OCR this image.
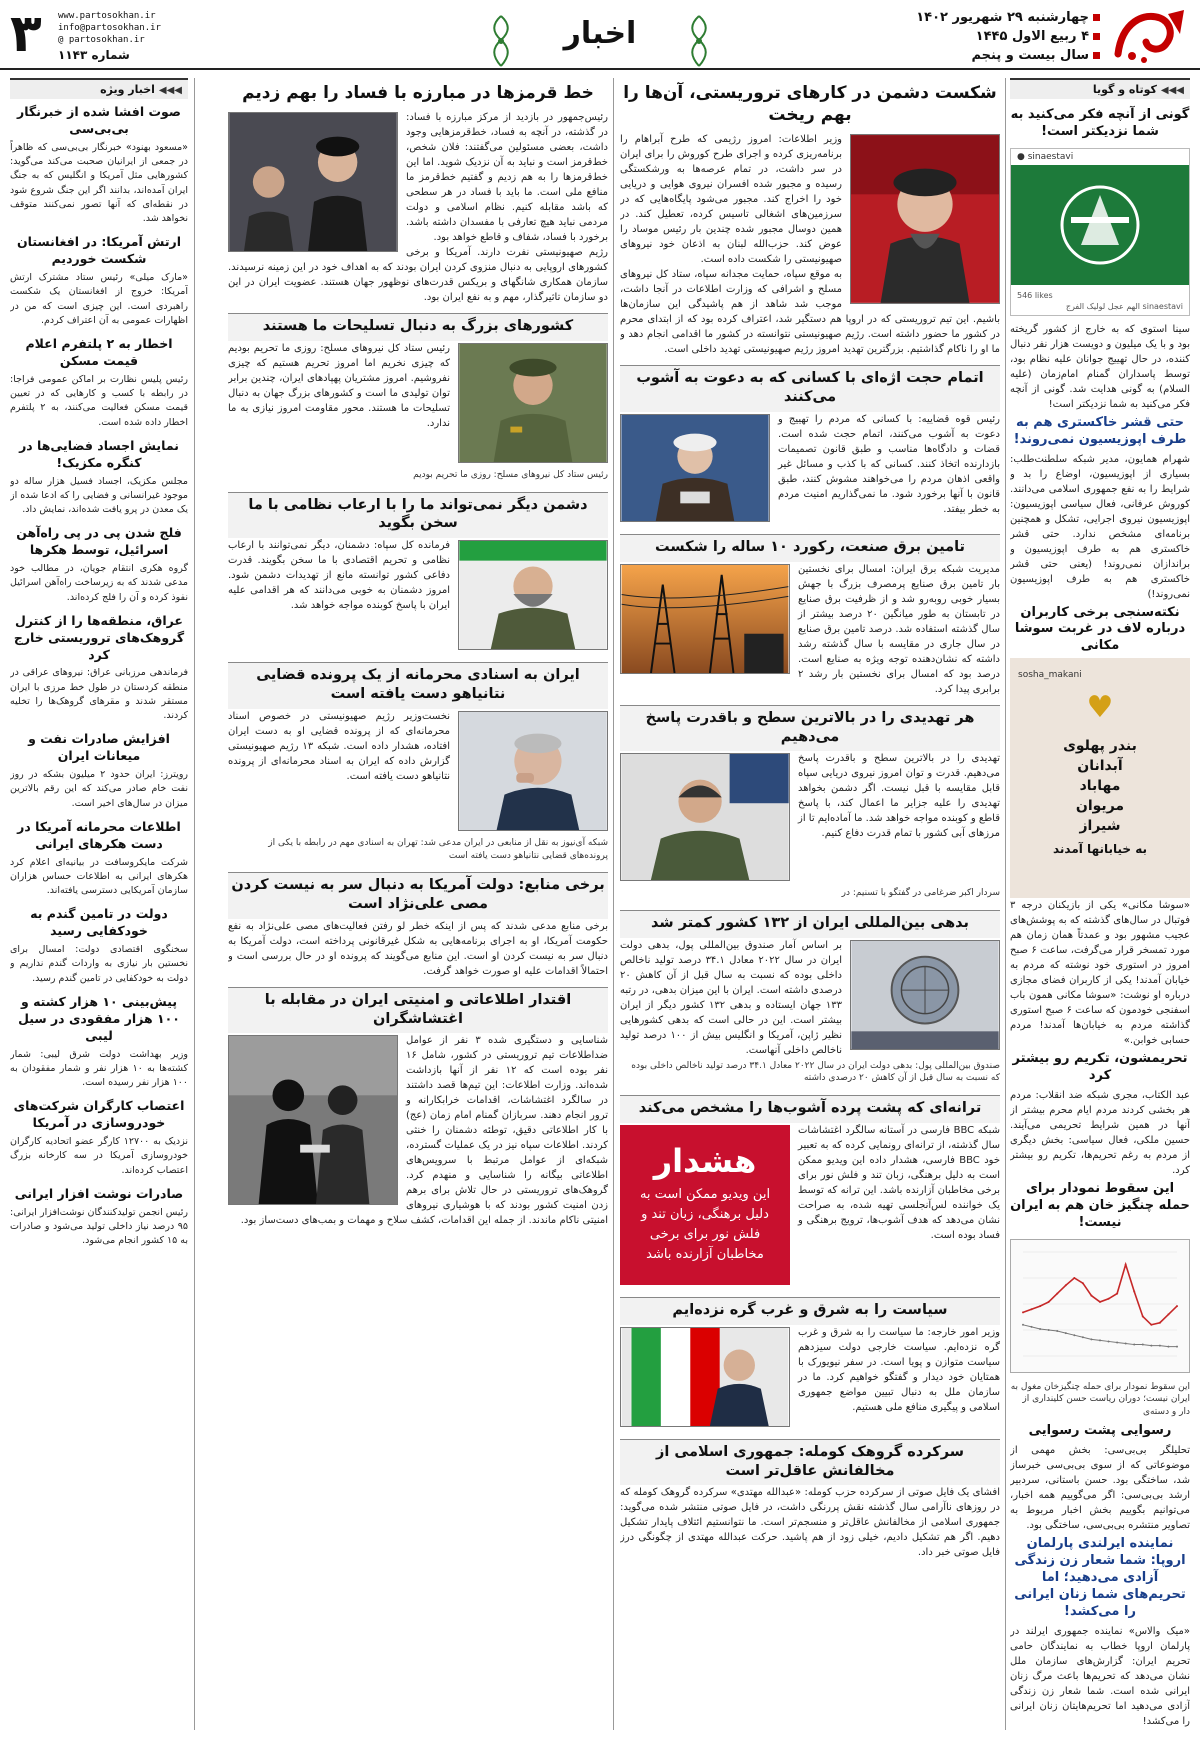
چهارشنبه ۲۹ شهریور ۱۴۰۲
۴ ربیع الاول ۱۴۴۵
سال بیست و پنجم
اخبار
۳ www.partosokhan.ir
info@partosokhan.ir
@ partosokhan.ir
شماره ۱۱۴۳
◀◀◀کوتاه و گویا
گونی از آنچه فکر می‌کنید به شما نزدیکتر است!
● sinaestavi
546 likes
sinaestavi الهم عجل لولیک الفرج
سینا استوی که به خارج از کشور گریخته بود و با یک میلیون و دویست هزار نفر دنبال کننده، در حال تهییج جوانان علیه نظام بود، توسط پاسداران گمنام امام‌زمان (علیه السلام) به گونی هدایت شد. گونی از آنچه فکر می‌کنید به شما نزدیکتر است!
حتی قشر خاکستری هم به طرف اپوزیسیون نمی‌روند!
شهرام همایون، مدیر شبکه سلطنت‌طلب: بسیاری از اپوزیسیون، اوضاع را بد و شرایط را به نفع جمهوری اسلامی می‌دانند. کوروش عرفانی، فعال سیاسی اپوزیسیون: اپوزیسیون نیروی اجرایی، تشکل و همچنین برنامه‌ای مشخص ندارد. حتی قشر خاکستری هم به طرف اپوزیسیون و براندازان نمی‌روند! (یعنی حتی قشر خاکستری هم به طرف اپوزیسیون نمی‌روند!)
نکته‌سنجی برخی کاربران درباره لاف در غربت سوشا مکانی
sosha_makani
♥
بندر پهلوی
آبدانان
مهاباد
مریوان
شیراز
به خیابانها آمدند
«سوشا مکانی» یکی از بازیکنان درجه ۳ فوتبال در سال‌های گذشته که به پوشش‌های عجیب مشهور بود و عمدتاً همان زمان هم مورد تمسخر قرار می‌گرفت، ساعت ۶ صبح امروز در استوری خود نوشته که مردم به خیابان آمدند! یکی از کاربران فضای مجازی درباره او نوشت: «سوشا مکانی همون باب اسفنجی خودمون که ساعت ۶ صبح استوری گذاشته مردم به خیابان‌ها آمدند! مردم حسابی خوابن.»
تحریمشون، تکریم رو بیشتر کرد
عبد الکتاب، مجری شبکه ضد انقلاب: مردم هر بخشی کردند مردم ایام محرم بیشتر از آنها در همین شرایط تحریمی می‌آیند. حسین ملکی، فعال سیاسی: بخش دیگری از مردم به رغم تحریم‌ها، تکریم رو بیشتر کرد.
این سقوط نمودار برای حمله چنگیز خان هم به ایران نیست!
این سقوط نمودار برای حمله چنگیزخان مغول به ایران نیست؛ دوران ریاست حسن کلینداری از دار و دسته‌ی
رسوایی پشت رسوایی
تحلیلگر بی‌بی‌سی: بخش مهمی از موضوعاتی که از سوی بی‌بی‌سی خبرساز شد، ساختگی بود. حسن باستانی، سردبیر ارشد بی‌بی‌سی: اگر می‌گوییم همه اخبار، می‌توانیم بگوییم بخش اخبار مربوط به تصاویر منتشره بی‌بی‌سی، ساختگی بود.
نماینده ایرلندی پارلمان اروپا: شما شعار زن زندگی آزادی می‌دهید؛ اما تحریم‌های شما زنان ایرانی را می‌کشد!
«میک والاس» نماینده جمهوری ایرلند در پارلمان اروپا خطاب به نمایندگان حامی تحریم ایران: گزارش‌های سازمان ملل نشان می‌دهد که تحریم‌ها باعث مرگ زنان ایرانی شده است. شما شعار زن زندگی آزادی می‌دهید اما تحریم‌هایتان زنان ایرانی را می‌کشد!
شکست دشمن در کارهای تروریستی، آن‌ها را بهم ریخت
وزیر اطلاعات: امروز رژیمی که طرح آبراهام را برنامه‌ریزی کرده و اجرای طرح کوروش را برای ایران در سر داشت، در تمام عرصه‌ها به ورشکستگی رسیده و مجبور شده افسران نیروی هوایی و دریایی خود را اخراج کند. مجبور می‌شود پایگاه‌هایی که در سرزمین‌های اشغالی تاسیس کرده، تعطیل کند. در همین دوسال مجبور شده چندین بار رئیس موساد را عوض کند. حزب‌الله لبنان به اذعان خود نیروهای صهیونیستی را شکست داده است.
به موقع سپاه، حمایت مجدانه سپاه، ستاد کل نیروهای مسلح و اشرافی که وزارت اطلاعات در آنجا داشت، موجب شد شاهد از هم پاشیدگی این سازمان‌ها باشیم. این تیم تروریستی که در اروپا هم دستگیر شد، اعتراف کرده بود که از ابتدای محرم در کشور ما حضور داشته است. رژیم صهیونیستی نتوانسته در کشور ما اقدامی انجام دهد و ما او را ناکام گذاشتیم. بزرگترین تهدید امروز رژیم صهیونیستی تهدید داخلی است.
اتمام حجت اژه‌ای با کسانی که به دعوت به آشوب می‌کنند
رئیس قوه قضاییه: با کسانی که مردم را تهییج و دعوت به آشوب می‌کنند، اتمام حجت شده است. قضات و دادگاه‌ها مناسب و طبق قانون تصمیمات بازدارنده اتخاذ کنند. کسانی که با کذب و مسائل غیر واقعی اذهان مردم را می‌خواهند مشوش کنند، طبق قانون با آنها برخورد شود. ما نمی‌گذاریم امنیت مردم به خطر بیفتد.
تامین برق صنعت، رکورد ۱۰ ساله را شکست
مدیریت شبکه برق ایران: امسال برای نخستین بار تامین برق صنایع پرمصرف بزرگ با جهش بسیار خوبی روبه‌رو شد و از ظرفیت برق صنایع در تابستان به طور میانگین ۲۰ درصد بیشتر از سال گذشته استفاده شد. درصد تامین برق صنایع در سال جاری در مقایسه با سال گذشته رشد داشته که نشان‌دهنده توجه ویژه به صنایع است. درصد بود که امسال برای نخستین بار رشد ۲ برابری پیدا کرد.
هر تهدیدی را در بالاترین سطح و باقدرت پاسخ می‌دهیم
تهدیدی را در بالاترین سطح و باقدرت پاسخ می‌دهیم. قدرت و توان امروز نیروی دریایی سپاه قابل مقایسه با قبل نیست. اگر دشمن بخواهد تهدیدی را علیه جزایر ما اعمال کند، با پاسخ قاطع و کوبنده مواجه خواهد شد. ما آماده‌ایم تا از مرزهای آبی کشور با تمام قدرت دفاع کنیم.
سردار اکبر ضرغامی در گفتگو با تسنیم: در
بدهی بین‌المللی ایران از ۱۳۲ کشور کمتر شد
بر اساس آمار صندوق بین‌المللی پول، بدهی دولت ایران در سال ۲۰۲۲ معادل ۳۴.۱ درصد تولید ناخالص داخلی بوده که نسبت به سال قبل از آن کاهش ۲۰ درصدی داشته است. ایران با این میزان بدهی، در رتبه ۱۳۳ جهان ایستاده و بدهی ۱۳۲ کشور دیگر از ایران بیشتر است. این در حالی است که بدهی کشورهایی نظیر ژاپن، آمریکا و انگلیس بیش از ۱۰۰ درصد تولید ناخالص داخلی آنهاست.
صندوق بین‌المللی پول: بدهی دولت ایران در سال ۲۰۲۲ معادل ۳۴.۱ درصد تولید ناخالص داخلی بوده که نسبت به سال قبل از آن کاهش ۲۰ درصدی داشته
ترانه‌ای که پشت پرده آشوب‌ها را مشخص می‌کند
هشدار
این ویدیو ممکن است به دلیل برهنگی، زبان تند و فلش نور برای برخی مخاطبان آزارنده باشد
شبکه BBC فارسی در آستانه سالگرد اغتشاشات سال گذشته، از ترانه‌ای رونمایی کرده که به تعبیر خود BBC فارسی، هشدار داده این ویدیو ممکن است به دلیل برهنگی، زبان تند و فلش نور برای برخی مخاطبان آزارنده باشد. این ترانه که توسط یک خواننده لس‌آنجلسی تهیه شده، به صراحت نشان می‌دهد که هدف آشوب‌ها، ترویج برهنگی و فساد بوده است.
سیاست را به شرق و غرب گره نزده‌ایم
وزیر امور خارجه: ما سیاست را به شرق و غرب گره نزده‌ایم. سیاست خارجی دولت سیزدهم سیاست متوازن و پویا است. در سفر نیویورک با همتایان خود دیدار و گفتگو خواهیم کرد. ما در سازمان ملل به دنبال تبیین مواضع جمهوری اسلامی و پیگیری منافع ملی هستیم.
سرکرده گروهک کومله: جمهوری اسلامی از مخالفانش عاقل‌تر است
افشای یک فایل صوتی از سرکرده حزب کومله: «عبدالله مهتدی» سرکرده گروهک کومله که در روزهای ناآرامی سال گذشته نقش پررنگی داشت، در فایل صوتی منتشر شده می‌گوید: جمهوری اسلامی از مخالفانش عاقل‌تر و منسجم‌تر است. ما نتوانستیم ائتلاف پایدار تشکیل دهیم. اگر هم تشکیل دادیم، خیلی زود از هم پاشید. حرکت عبدالله مهتدی از چگونگی درز فایل صوتی خبر داد.
خط قرمزها در مبارزه با فساد را بهم زدیم
رئیس‌جمهور در بازدید از مرکز مبارزه با فساد: در گذشته، در آنچه به فساد، خط‌قرمزهایی وجود داشت، بعضی مسئولین می‌گفتند: فلان شخص، خط‌قرمز است و نباید به آن نزدیک شوید. اما این خط‌قرمزها را به هم زدیم و گفتیم خط‌قرمز ما منافع ملی است. ما باید با فساد در هر سطحی که باشد مقابله کنیم. نظام اسلامی و دولت مردمی نباید هیچ تعارفی با مفسدان داشته باشد. برخورد با فساد، شفاف و قاطع خواهد بود.
رژیم صهیونیستی نفرت دارند. آمریکا و برخی کشورهای اروپایی به دنبال منزوی کردن ایران بودند که به اهداف خود در این زمینه نرسیدند. سازمان همکاری شانگهای و بریکس قدرت‌های نوظهور جهان هستند. عضویت ایران در این دو سازمان تاثیرگذار، مهم و به نفع ایران بود.
کشورهای بزرگ به دنبال تسلیحات ما هستند
رئیس ستاد کل نیروهای مسلح: روزی ما تحریم بودیم که چیزی نخریم اما امروز تحریم هستیم که چیزی نفروشیم. امروز مشتریان پهپادهای ایران، چندین برابر توان تولیدی ما است و کشورهای بزرگ جهان به دنبال تسلیحات ما هستند. محور مقاومت امروز نیازی به ما ندارد.
رئیس ستاد کل نیروهای مسلح: روزی ما تحریم بودیم
دشمن دیگر نمی‌تواند ما را با ارعاب نظامی با ما سخن بگوید
فرمانده کل سپاه: دشمنان، دیگر نمی‌توانند با ارعاب نظامی و تحریم اقتصادی با ما سخن بگویند. قدرت دفاعی کشور توانسته مانع از تهدیدات دشمن شود. امروز دشمنان به خوبی می‌دانند که هر اقدامی علیه ایران با پاسخ کوبنده مواجه خواهد شد.
ایران به اسنادی محرمانه از یک پرونده قضایی نتانیاهو دست یافته است
نخست‌وزیر رژیم صهیونیستی در خصوص اسناد محرمانه‌ای که از پرونده قضایی او به دست ایران افتاده، هشدار داده است. شبکه ۱۳ رژیم صهیونیستی گزارش داده که ایران به اسناد محرمانه‌ای از پرونده نتانیاهو دست یافته است.
شبکه آی‌نیوز به نقل از منابعی در ایران مدعی شد: تهران به اسنادی مهم در رابطه با یکی از پرونده‌های قضایی نتانیاهو دست یافته است
برخی منابع: دولت آمریکا به دنبال سر به نیست کردن مصی علی‌نژاد است
برخی منابع مدعی شدند که پس از اینکه خطر لو رفتن فعالیت‌های مصی علی‌نژاد به نفع حکومت آمریکا، او به اجرای برنامه‌هایی به شکل غیرقانونی پرداخته است، دولت آمریکا به دنبال سر به نیست کردن او است. این منابع می‌گویند که پرونده او در حال بررسی است و احتمالاً اقدامات علیه او صورت خواهد گرفت.
اقتدار اطلاعاتی و امنیتی ایران در مقابله با اغتشاشگران
شناسایی و دستگیری شده ۳ نفر از عوامل ضداطلاعات تیم تروریستی در کشور، شامل ۱۶ نفر بوده است که ۱۲ نفر از آنها بازداشت شده‌اند. وزارت اطلاعات: این تیم‌ها قصد داشتند در سالگرد اغتشاشات، اقدامات خرابکارانه و ترور انجام دهند. سربازان گمنام امام زمان (عج) با کار اطلاعاتی دقیق، توطئه دشمنان را خنثی کردند. اطلاعات سپاه نیز در یک عملیات گسترده، شبکه‌ای از عوامل مرتبط با سرویس‌های اطلاعاتی بیگانه را شناسایی و منهدم کرد. گروهک‌های تروریستی در حال تلاش برای برهم زدن امنیت کشور بودند که با هوشیاری نیروهای امنیتی ناکام ماندند. از جمله این اقدامات، کشف سلاح و مهمات و بمب‌های دست‌ساز بود.
◀◀◀اخبار ویژه
صوت افشا شده از خبرنگار بی‌بی‌سی
«مسعود بهنود» خبرنگار بی‌بی‌سی که ظاهراً در جمعی از ایرانیان صحبت می‌کند می‌گوید: کشورهایی مثل آمریکا و انگلیس که به جنگ ایران آمده‌اند، بدانند اگر این جنگ شروع شود در نقطه‌ای که آنها تصور نمی‌کنند متوقف نخواهد شد.
ارتش آمریکا: در افغانستان شکست خوردیم
«مارک میلی» رئیس ستاد مشترک ارتش آمریکا: خروج از افغانستان یک شکست راهبردی است. این چیزی است که من در اظهارات عمومی به آن اعتراف کردم.
اخطار به ۲ پلتفرم اعلام قیمت مسکن
رئیس پلیس نظارت بر اماکن عمومی فراجا: در رابطه با کسب و کارهایی که در تعیین قیمت مسکن فعالیت می‌کنند، به ۲ پلتفرم اخطار داده شده است.
نمایش اجساد فضایی‌ها در کنگره مکزیک!
مجلس مکزیک، اجساد فسیل هزار ساله دو موجود غیرانسانی و فضایی را که ادعا شده از یک معدن در پرو یافت شده‌اند، نمایش داد.
فلج شدن پی در پی راه‌آهن اسرائیل، توسط هکرها
گروه هکری انتقام جویان، در مطالب خود مدعی شدند که به زیرساخت راه‌آهن اسرائیل نفوذ کرده و آن را فلج کرده‌اند.
عراق، منطقه‌ها را از کنترل گروهک‌های تروریستی خارج کرد
فرماندهی مرزبانی عراق: نیروهای عراقی در منطقه کردستان در طول خط مرزی با ایران مستقر شدند و مقرهای گروهک‌ها را تخلیه کردند.
افزایش صادرات نفت و میعانات ایران
رویترز: ایران حدود ۲ میلیون بشکه در روز نفت خام صادر می‌کند که این رقم بالاترین میزان در سال‌های اخیر است.
اطلاعات محرمانه آمریکا در دست هکرهای ایرانی
شرکت مایکروسافت در بیانیه‌ای اعلام کرد هکرهای ایرانی به اطلاعات حساس هزاران سازمان آمریکایی دسترسی یافته‌اند.
دولت در تامین گندم به خودکفایی رسید
سخنگوی اقتصادی دولت: امسال برای نخستین بار نیازی به واردات گندم نداریم و دولت به خودکفایی در تامین گندم رسید.
پیش‌بینی ۱۰ هزار کشته و ۱۰۰ هزار مفقودی در سیل لیبی
وزیر بهداشت دولت شرق لیبی: شمار کشته‌ها به ۱۰ هزار نفر و شمار مفقودان به ۱۰۰ هزار نفر رسیده است.
اعتصاب کارگران شرکت‌های خودروسازی در آمریکا
نزدیک به ۱۲۷۰۰ کارگر عضو اتحادیه کارگران خودروسازی آمریکا در سه کارخانه بزرگ اعتصاب کرده‌اند.
صادرات نوشت افزار ایرانی
رئیس انجمن تولیدکنندگان نوشت‌افزار ایرانی: ۹۵ درصد نیاز داخلی تولید می‌شود و صادرات به ۱۵ کشور انجام می‌شود.
